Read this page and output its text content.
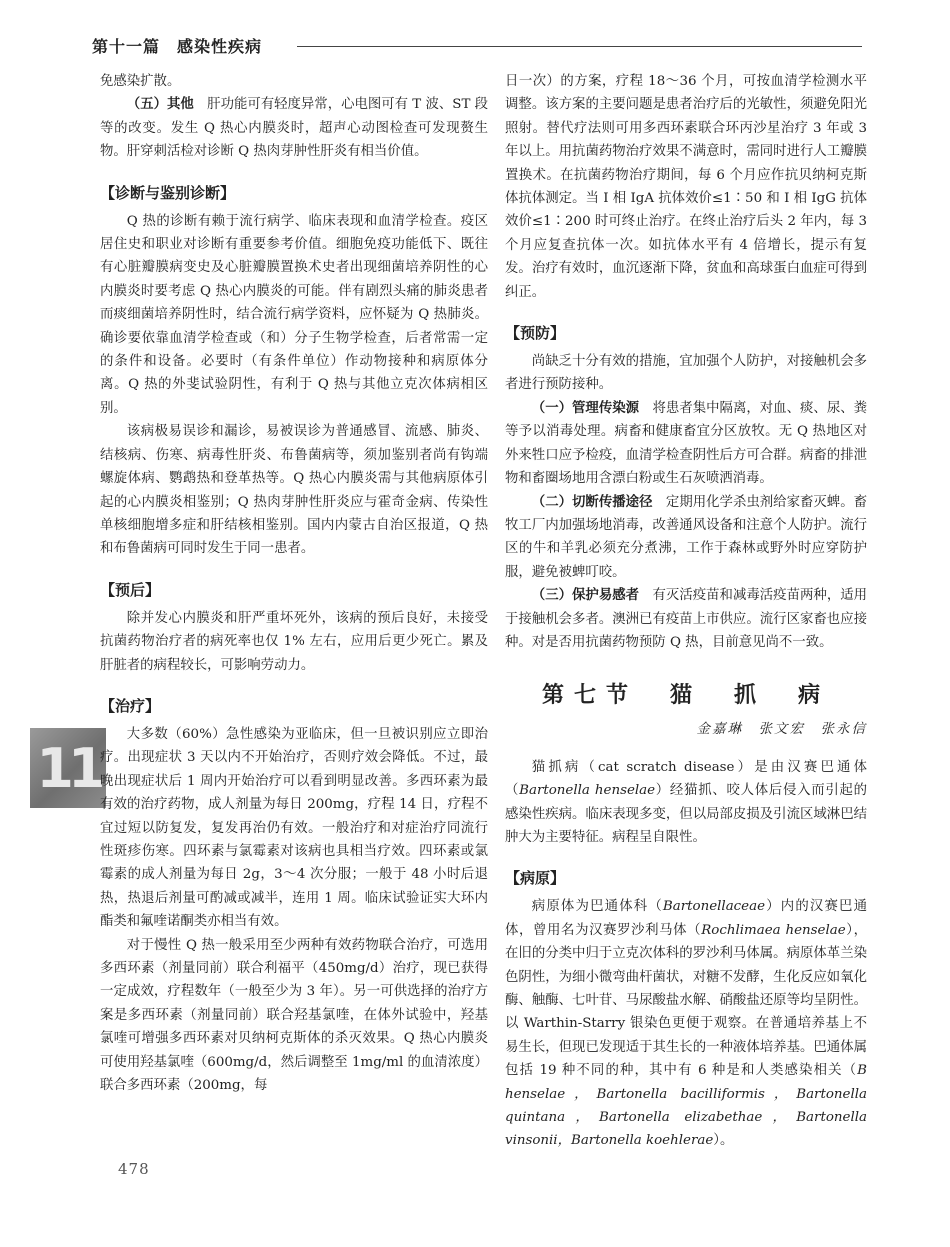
第十一篇　感染性疾病
11

免感染扩散。

（五）其他　 肝功能可有轻度异常，心电图可有 T 波、ST 段等的改变。发生 Q 热心内膜炎时，超声心动图检查可发现赘生物。肝穿刺活检对诊断 Q 热肉芽肿性肝炎有相当价值。

【诊断与鉴别诊断】

Q 热的诊断有赖于流行病学、临床表现和血清学检查。疫区居住史和职业对诊断有重要参考价值。细胞免疫功能低下、既往有心脏瓣膜病变史及心脏瓣膜置换术史者出现细菌培养阴性的心内膜炎时要考虑 Q 热心内膜炎的可能。伴有剧烈头痛的肺炎患者而痰细菌培养阴性时，结合流行病学资料，应怀疑为 Q 热肺炎。确诊要依靠血清学检查或（和）分子生物学检查，后者常需一定的条件和设备。必要时（有条件单位）作动物接种和病原体分离。Q 热的外斐试验阴性，有利于 Q 热与其他立克次体病相区别。

该病极易误诊和漏诊，易被误诊为普通感冒、流感、肺炎、结核病、伤寒、病毒性肝炎、布鲁菌病等，须加鉴别者尚有钩端螺旋体病、鹦鹉热和登革热等。Q 热心内膜炎需与其他病原体引起的心内膜炎相鉴别；Q 热肉芽肿性肝炎应与霍奇金病、传染性单核细胞增多症和肝结核相鉴别。国内内蒙古自治区报道，Q 热和布鲁菌病可同时发生于同一患者。

【预后】

除并发心内膜炎和肝严重坏死外，该病的预后良好，未接受抗菌药物治疗者的病死率也仅 1% 左右，应用后更少死亡。累及肝脏者的病程较长，可影响劳动力。

【治疗】

大多数（60%）急性感染为亚临床，但一旦被识别应立即治疗。出现症状 3 天以内不开始治疗，否则疗效会降低。不过，最晚出现症状后 1 周内开始治疗可以看到明显改善。多西环素为最有效的治疗药物，成人剂量为每日 200mg，疗程 14 日，疗程不宜过短以防复发，复发再治仍有效。一般治疗和对症治疗同流行性斑疹伤寒。四环素与氯霉素对该病也具相当疗效。四环素或氯霉素的成人剂量为每日 2g，3～4 次分服；一般于 48 小时后退热，热退后剂量可酌减或减半，连用 1 周。临床试验证实大环内酯类和氟喹诺酮类亦相当有效。

对于慢性 Q 热一般采用至少两种有效药物联合治疗，可选用多西环素（剂量同前）联合利福平（450mg/d）治疗，现已获得一定成效，疗程数年（一般至少为 3 年）。另一可供选择的治疗方案是多西环素（剂量同前）联合羟基氯喹，在体外试验中，羟基氯喹可增强多西环素对贝纳柯克斯体的杀灭效果。Q 热心内膜炎可使用羟基氯喹（600mg/d，然后调整至 1mg/ml 的血清浓度）联合多西环素（200mg，每

日一次）的方案，疗程 18～36 个月，可按血清学检测水平调整。该方案的主要问题是患者治疗后的光敏性，须避免阳光照射。替代疗法则可用多西环素联合环丙沙星治疗 3 年或 3 年以上。用抗菌药物治疗效果不满意时，需同时进行人工瓣膜置换术。在抗菌药物治疗期间，每 6 个月应作抗贝纳柯克斯体抗体测定。当 I 相 IgA 抗体效价≤1∶50 和 I 相 IgG 抗体效价≤1∶200 时可终止治疗。在终止治疗后头 2 年内，每 3 个月应复查抗体一次。如抗体水平有 4 倍增长，提示有复发。治疗有效时，血沉逐渐下降，贫血和高球蛋白血症可得到纠正。

【预防】

尚缺乏十分有效的措施，宜加强个人防护，对接触机会多者进行预防接种。

（一）管理传染源　 将患者集中隔离，对血、痰、尿、粪等予以消毒处理。病畜和健康畜宜分区放牧。无 Q 热地区对外来牲口应予检疫，血清学检查阴性后方可合群。病畜的排泄物和畜圈场地用含漂白粉或生石灰喷洒消毒。

（二）切断传播途径　 定期用化学杀虫剂给家畜灭蜱。畜牧工厂内加强场地消毒，改善通风设备和注意个人防护。流行区的牛和羊乳必须充分煮沸，工作于森林或野外时应穿防护服，避免被蜱叮咬。

（三）保护易感者　 有灭活疫苗和减毒活疫苗两种，适用于接触机会多者。澳洲已有疫苗上市供应。流行区家畜也应接种。对是否用抗菌药物预防 Q 热，目前意见尚不一致。

第七节　猫　抓　病
金嘉琳　张文宏　张永信

猫抓病（cat scratch disease）是由汉赛巴通体（Bartonella henselae）经猫抓、咬人体后侵入而引起的感染性疾病。临床表现多变，但以局部皮损及引流区域淋巴结肿大为主要特征。病程呈自限性。

【病原】

病原体为巴通体科（Bartonellaceae）内的汉赛巴通体，曾用名为汉赛罗沙利马体（Rochlimaea henselae），在旧的分类中归于立克次体科的罗沙利马体属。病原体革兰染色阴性，为细小微弯曲杆菌状，对糖不发酵，生化反应如氧化酶、触酶、七叶苷、马尿酸盐水解、硝酸盐还原等均呈阴性。以 Warthin-Starry 银染色更便于观察。在普通培养基上不易生长，但现已发现适于其生长的一种液体培养基。巴通体属包括 19 种不同的种，其中有 6 种是和人类感染相关（B henselae，Bartonella bacilliformis，Bartonella quintana，Bartonella elizabethae，Bartonella vinsonii，Bartonella koehlerae）。

478
